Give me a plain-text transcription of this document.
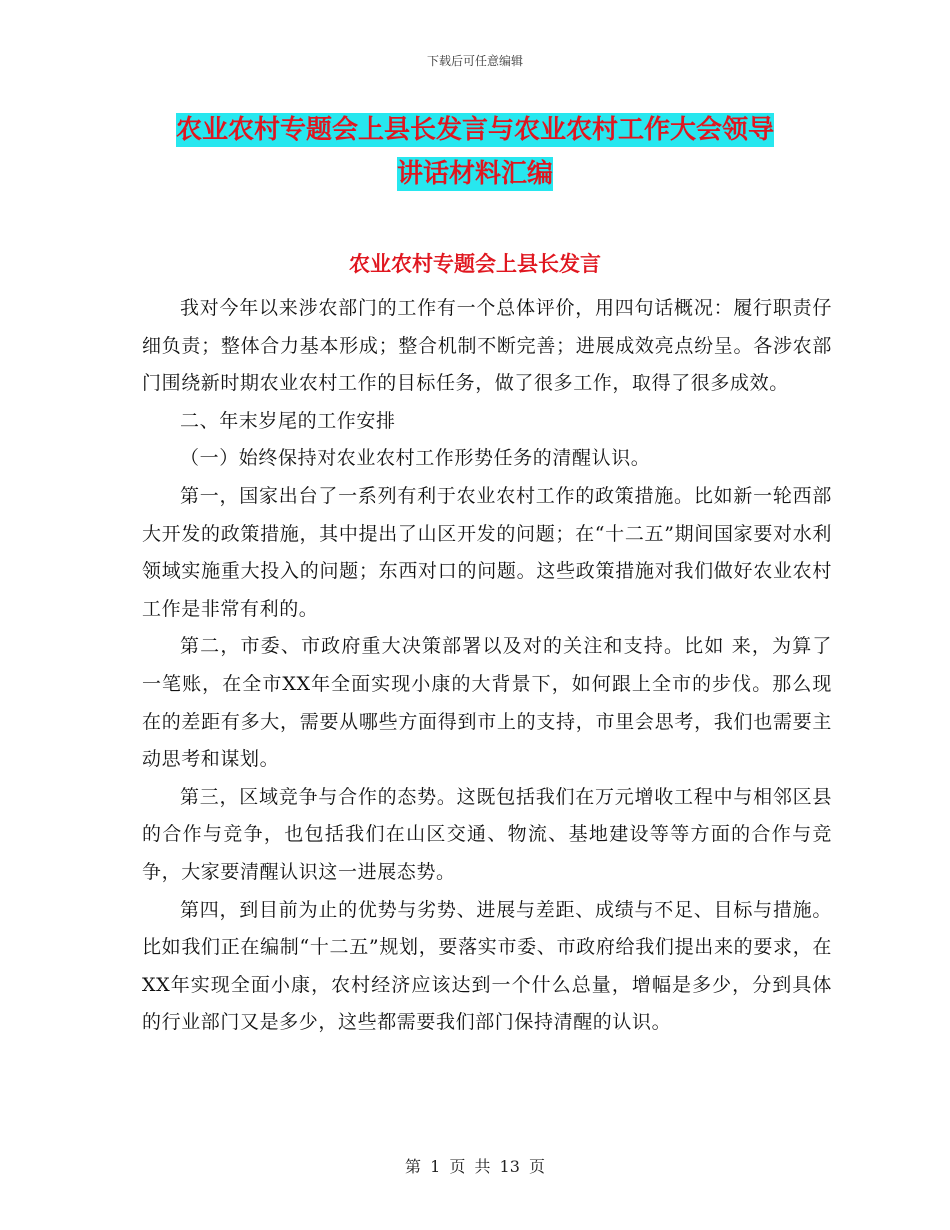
下载后可任意编辑
农业农村专题会上县长发言与农业农村工作大会领导
讲话材料汇编
农业农村专题会上县长发言

我对今年以来涉农部门的工作有一个总体评价，用四句话概况：履行职责仔细负责；整体合力基本形成；整合机制不断完善；进展成效亮点纷呈。各涉农部门围绕新时期农业农村工作的目标任务，做了很多工作，取得了很多成效。

二、年末岁尾的工作安排

（一）始终保持对农业农村工作形势任务的清醒认识。

第一，国家出台了一系列有利于农业农村工作的政策措施。比如新一轮西部大开发的政策措施，其中提出了山区开发的问题；在“十二五”期间国家要对水利领域实施重大投入的问题；东西对口的问题。这些政策措施对我们做好农业农村工作是非常有利的。

第二，市委、市政府重大决策部署以及对的关注和支持。比如 来，为算了一笔账，在全市XX年全面实现小康的大背景下，如何跟上全市的步伐。那么现在的差距有多大，需要从哪些方面得到市上的支持，市里会思考，我们也需要主动思考和谋划。

第三，区域竞争与合作的态势。这既包括我们在万元增收工程中与相邻区县的合作与竞争，也包括我们在山区交通、物流、基地建设等等方面的合作与竞争，大家要清醒认识这一进展态势。

第四，到目前为止的优势与劣势、进展与差距、成绩与不足、目标与措施。比如我们正在编制“十二五”规划，要落实市委、市政府给我们提出来的要求，在XX年实现全面小康，农村经济应该达到一个什么总量，增幅是多少，分到具体的行业部门又是多少，这些都需要我们部门保持清醒的认识。

第 1 页 共 13 页
